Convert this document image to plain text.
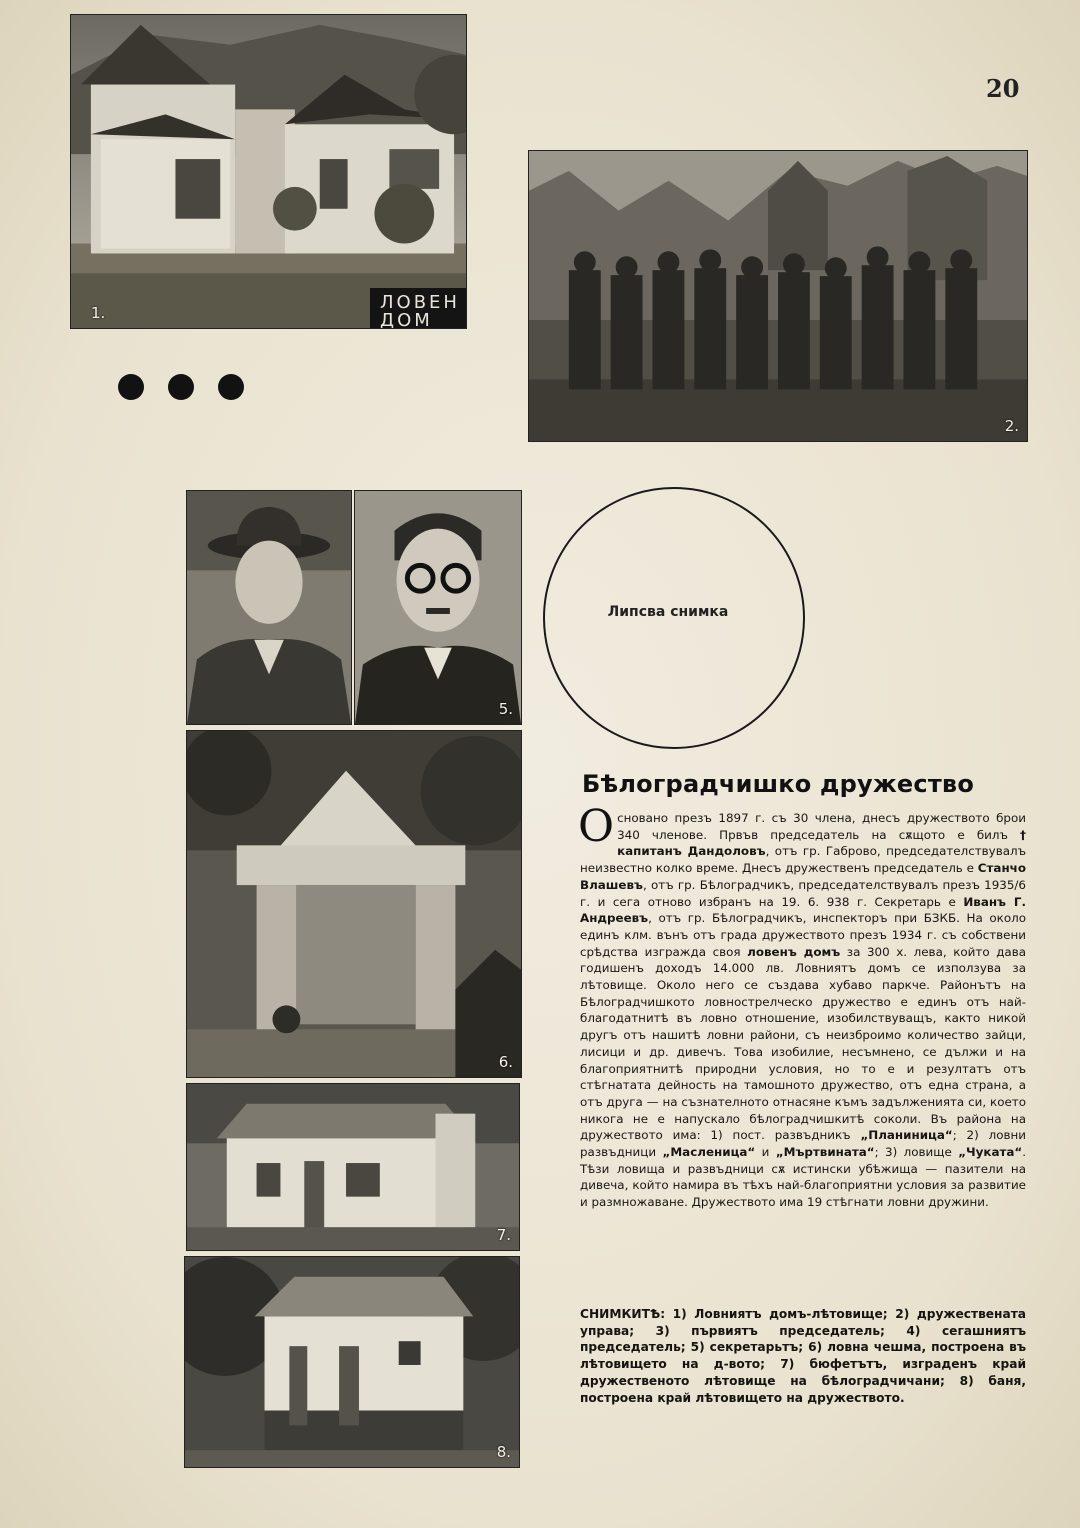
20
1.	ЛОВЕН ДОМ
2.
5.
Липсва снимка
6.
7.
8.
Бѣлоградчишко дружество
Основано презъ 1897 г. съ 30 члена, днесъ дружеството брои 340 членове. Првъв председатель на сѫщото е билъ † капитанъ Дандоловъ, отъ гр. Габрово, председателствувалъ неизвестно колко време. Днесъ дружественъ председатель е Станчо Влашевъ, отъ гр. Бѣлоградчикъ, председателствувалъ презъ 1935/6 г. и сега отново избранъ на 19. 6. 938 г. Секретарь е Иванъ Г. Андреевъ, отъ гр. Бѣлоградчикъ, инспекторъ при БЗКБ. На около единъ клм. вънъ отъ града дружеството презъ 1934 г. съ собствени срѣдства изгражда своя ловенъ домъ за 300 х. лева, който дава годишенъ доходъ 14.000 лв. Ловниятъ домъ се използува за лѣтовище. Около него се създава хубаво паркче. Районътъ на Бѣлоградчишкото ловнострелческо дружество е единъ отъ най-благодатнитѣ въ ловно отношение, изобилствуващъ, както никой другъ отъ нашитѣ ловни райони, съ неизброимо количество зайци, лисици и др. дивечъ. Това изобилие, несъмнено, се дължи и на благоприятнитѣ природни условия, но то е и резултатъ отъ стѣгнатата дейность на тамошното дружество, отъ една страна, а отъ друга — на съзнателното отнасяне къмъ задълженията си, което никога не е напускало бѣлоградчишкитѣ соколи. Въ района на дружеството има: 1) пост. развъдникъ „Планиница“; 2) ловни развъдници „Масленица“ и „Мъртвината“; 3) ловище „Чуката“. Тѣзи ловища и развъдници сѫ истински убѣжища — пазители на дивеча, който намира въ тѣхъ най-благоприятни условия за развитие и размножаване. Дружеството има 19 стѣгнати ловни дружини.
СНИМКИТѢ: 1) Ловниятъ домъ-лѣтовище; 2) дружествената управа; 3) първиятъ председатель; 4) сегашниятъ председатель; 5) секретарьтъ; 6) ловна чешма, построена въ лѣтовището на д-вото; 7) бюфетътъ, изграденъ край дружественото лѣтовище на бѣлоградчичани; 8) баня, построена край лѣтовището на дружеството.
